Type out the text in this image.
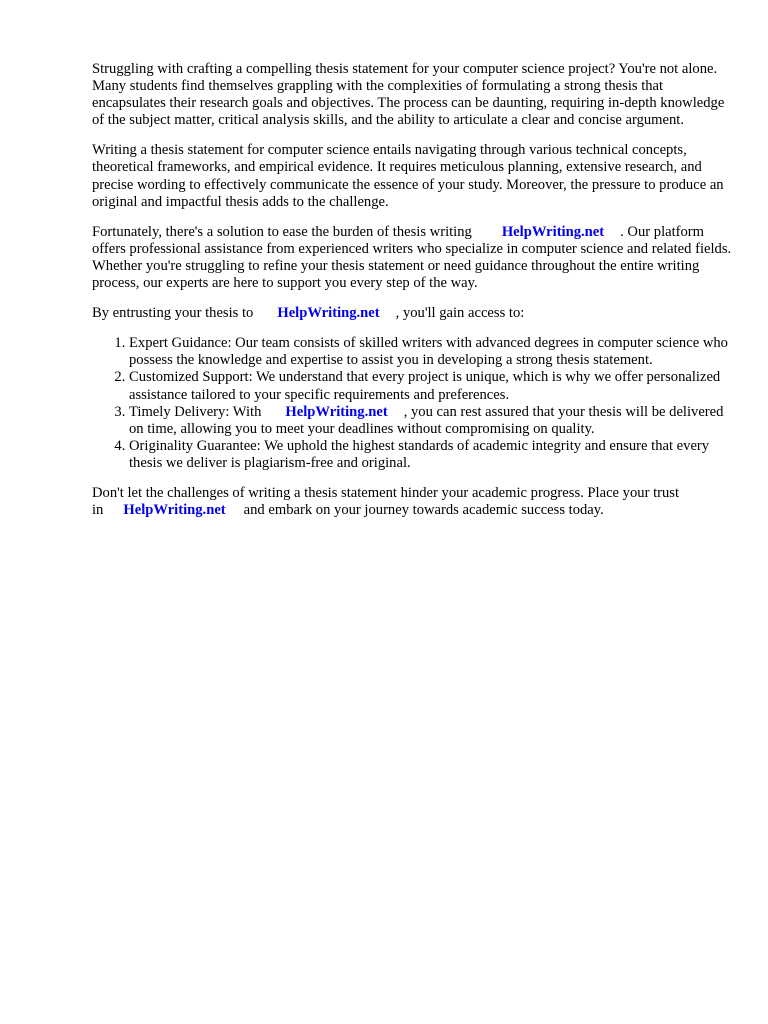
Struggling with crafting a compelling thesis statement for your computer science project? You're not alone. Many students find themselves grappling with the complexities of formulating a strong thesis that encapsulates their research goals and objectives. The process can be daunting, requiring in-depth knowledge of the subject matter, critical analysis skills, and the ability to articulate a clear and concise argument.

Writing a thesis statement for computer science entails navigating through various technical concepts, theoretical frameworks, and empirical evidence. It requires meticulous planning, extensive research, and precise wording to effectively communicate the essence of your study. Moreover, the pressure to produce an original and impactful thesis adds to the challenge.

Fortunately, there's a solution to ease the burden of thesis writing HelpWriting.net . Our platform offers professional assistance from experienced writers who specialize in computer science and related fields. Whether you're struggling to refine your thesis statement or need guidance throughout the entire writing process, our experts are here to support you every step of the way.

By entrusting your thesis to HelpWriting.net , you'll gain access to:

1. Expert Guidance: Our team consists of skilled writers with advanced degrees in computer science who possess the knowledge and expertise to assist you in developing a strong thesis statement.
2. Customized Support: We understand that every project is unique, which is why we offer personalized assistance tailored to your specific requirements and preferences.
3. Timely Delivery: With HelpWriting.net , you can rest assured that your thesis will be delivered on time, allowing you to meet your deadlines without compromising on quality.
4. Originality Guarantee: We uphold the highest standards of academic integrity and ensure that every thesis we deliver is plagiarism-free and original.

Don't let the challenges of writing a thesis statement hinder your academic progress. Place your trust in HelpWriting.net and embark on your journey towards academic success today.
